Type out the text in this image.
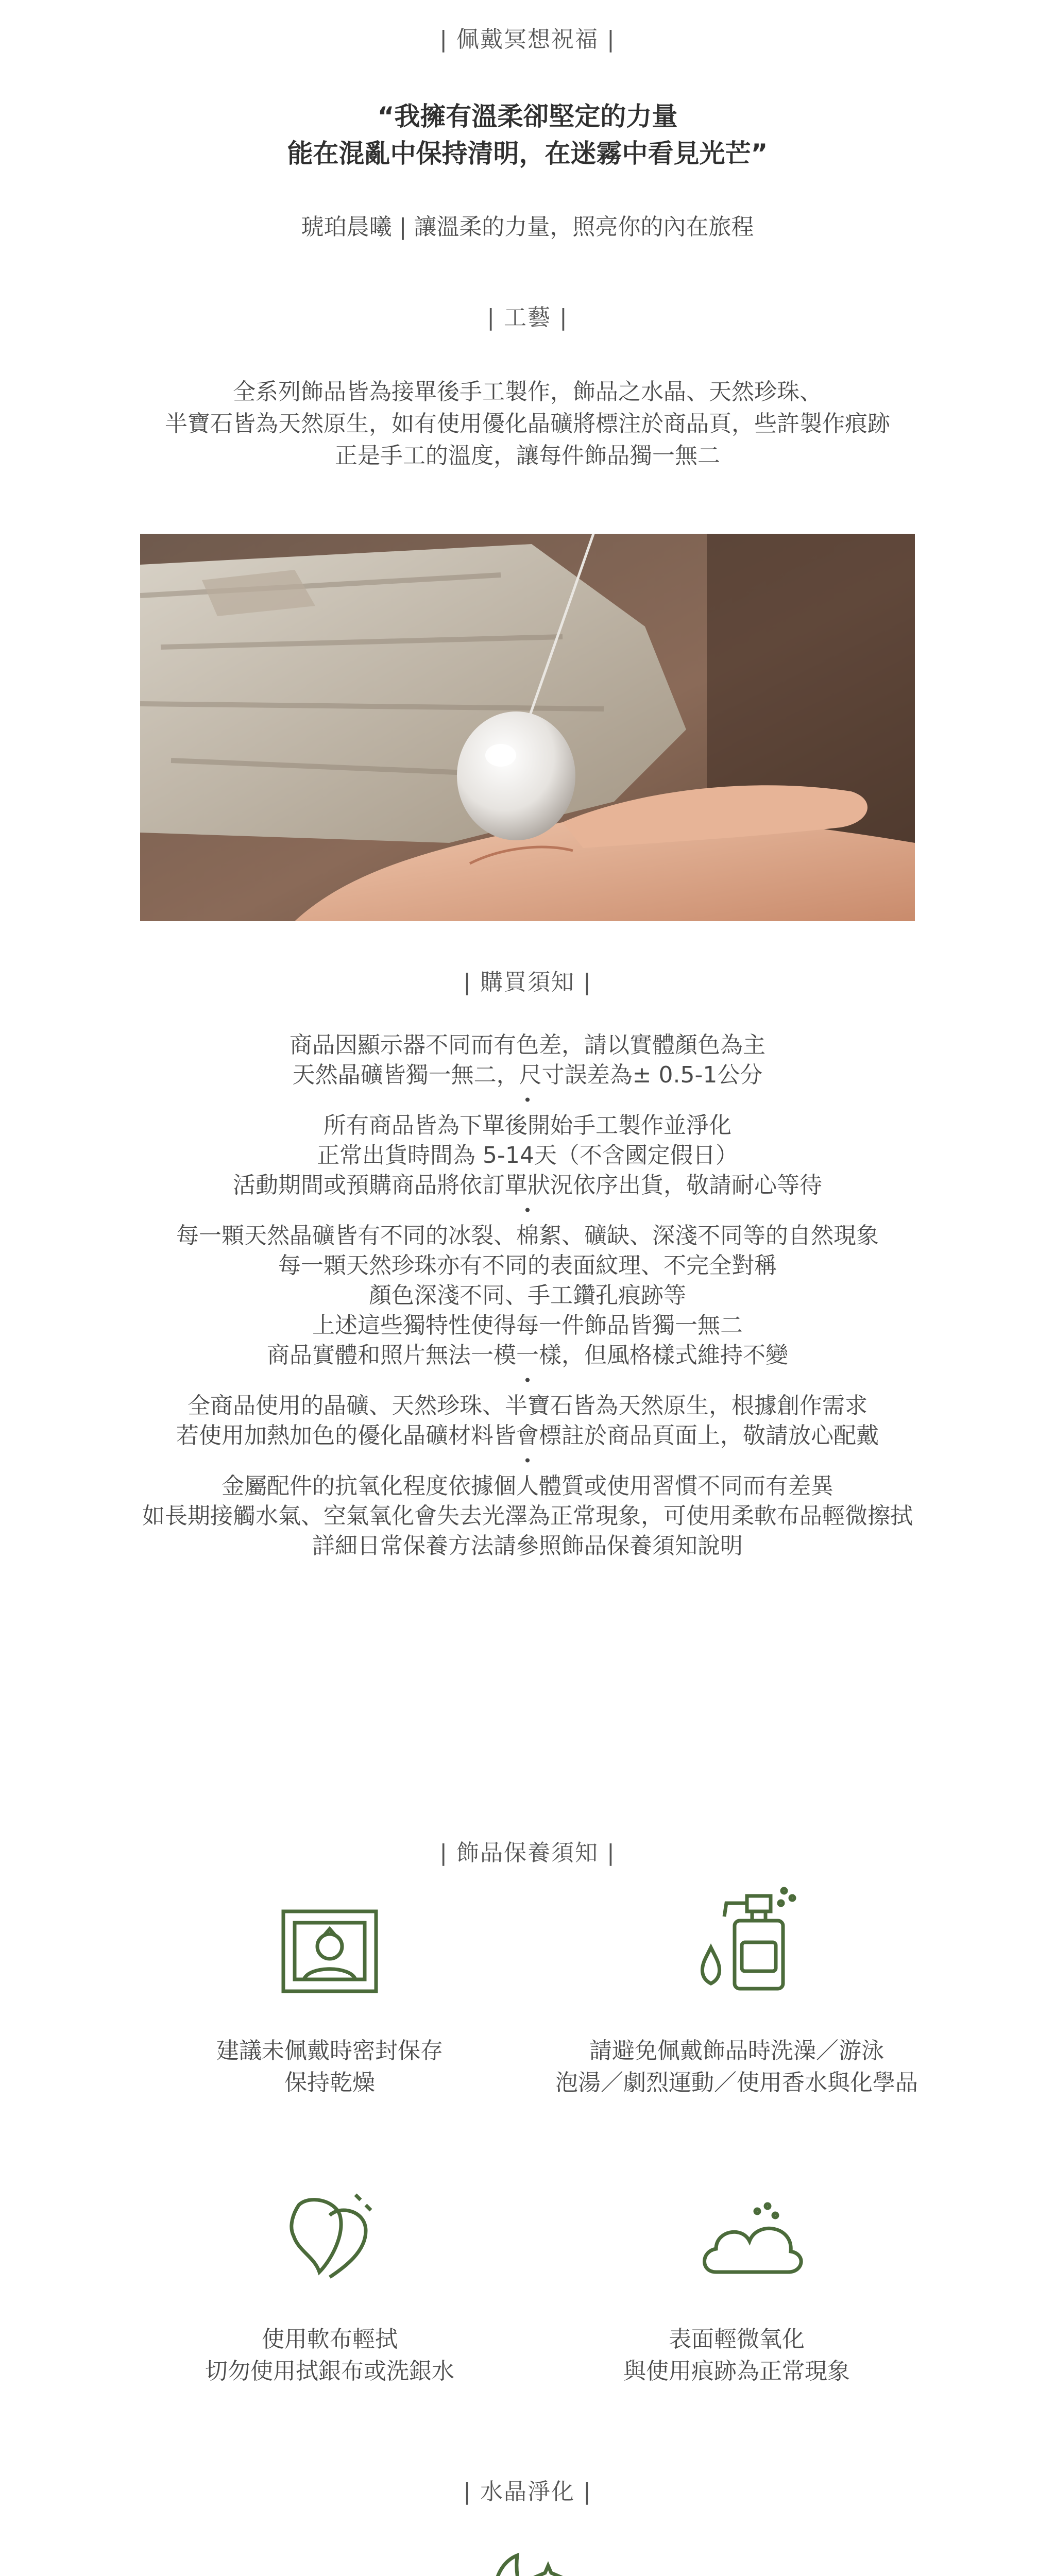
| 佩戴冥想祝福 |
“我擁有溫柔卻堅定的力量
能在混亂中保持清明，在迷霧中看見光芒”
琥珀晨曦 | 讓溫柔的力量，照亮你的內在旅程
| 工藝 |
全系列飾品皆為接單後手工製作，飾品之水晶、天然珍珠、
半寶石皆為天然原生，如有使用優化晶礦將標注於商品頁，些許製作痕跡
正是手工的溫度，讓每件飾品獨一無二
| 購買須知 |
商品因顯示器不同而有色差，請以實體顏色為主
天然晶礦皆獨一無二，尺寸誤差為± 0.5-1公分
•
所有商品皆為下單後開始手工製作並淨化
正常出貨時間為 5-14天（不含國定假日）
活動期間或預購商品將依訂單狀況依序出貨，敬請耐心等待
•
每一顆天然晶礦皆有不同的冰裂、棉絮、礦缺、深淺不同等的自然現象
每一顆天然珍珠亦有不同的表面紋理、不完全對稱
顏色深淺不同、手工鑽孔痕跡等
上述這些獨特性使得每一件飾品皆獨一無二
商品實體和照片無法一模一樣，但風格樣式維持不變
•
全商品使用的晶礦、天然珍珠、半寶石皆為天然原生，根據創作需求
若使用加熱加色的優化晶礦材料皆會標註於商品頁面上，敬請放心配戴
•
金屬配件的抗氧化程度依據個人體質或使用習慣不同而有差異
如長期接觸水氣、空氣氧化會失去光澤為正常現象，可使用柔軟布品輕微擦拭
詳細日常保養方法請參照飾品保養須知說明
| 飾品保養須知 |
建議未佩戴時密封保存
保持乾燥
請避免佩戴飾品時洗澡／游泳
泡湯／劇烈運動／使用香水與化學品
使用軟布輕拭
切勿使用拭銀布或洗銀水
表面輕微氧化
與使用痕跡為正常現象
| 水晶淨化 |
